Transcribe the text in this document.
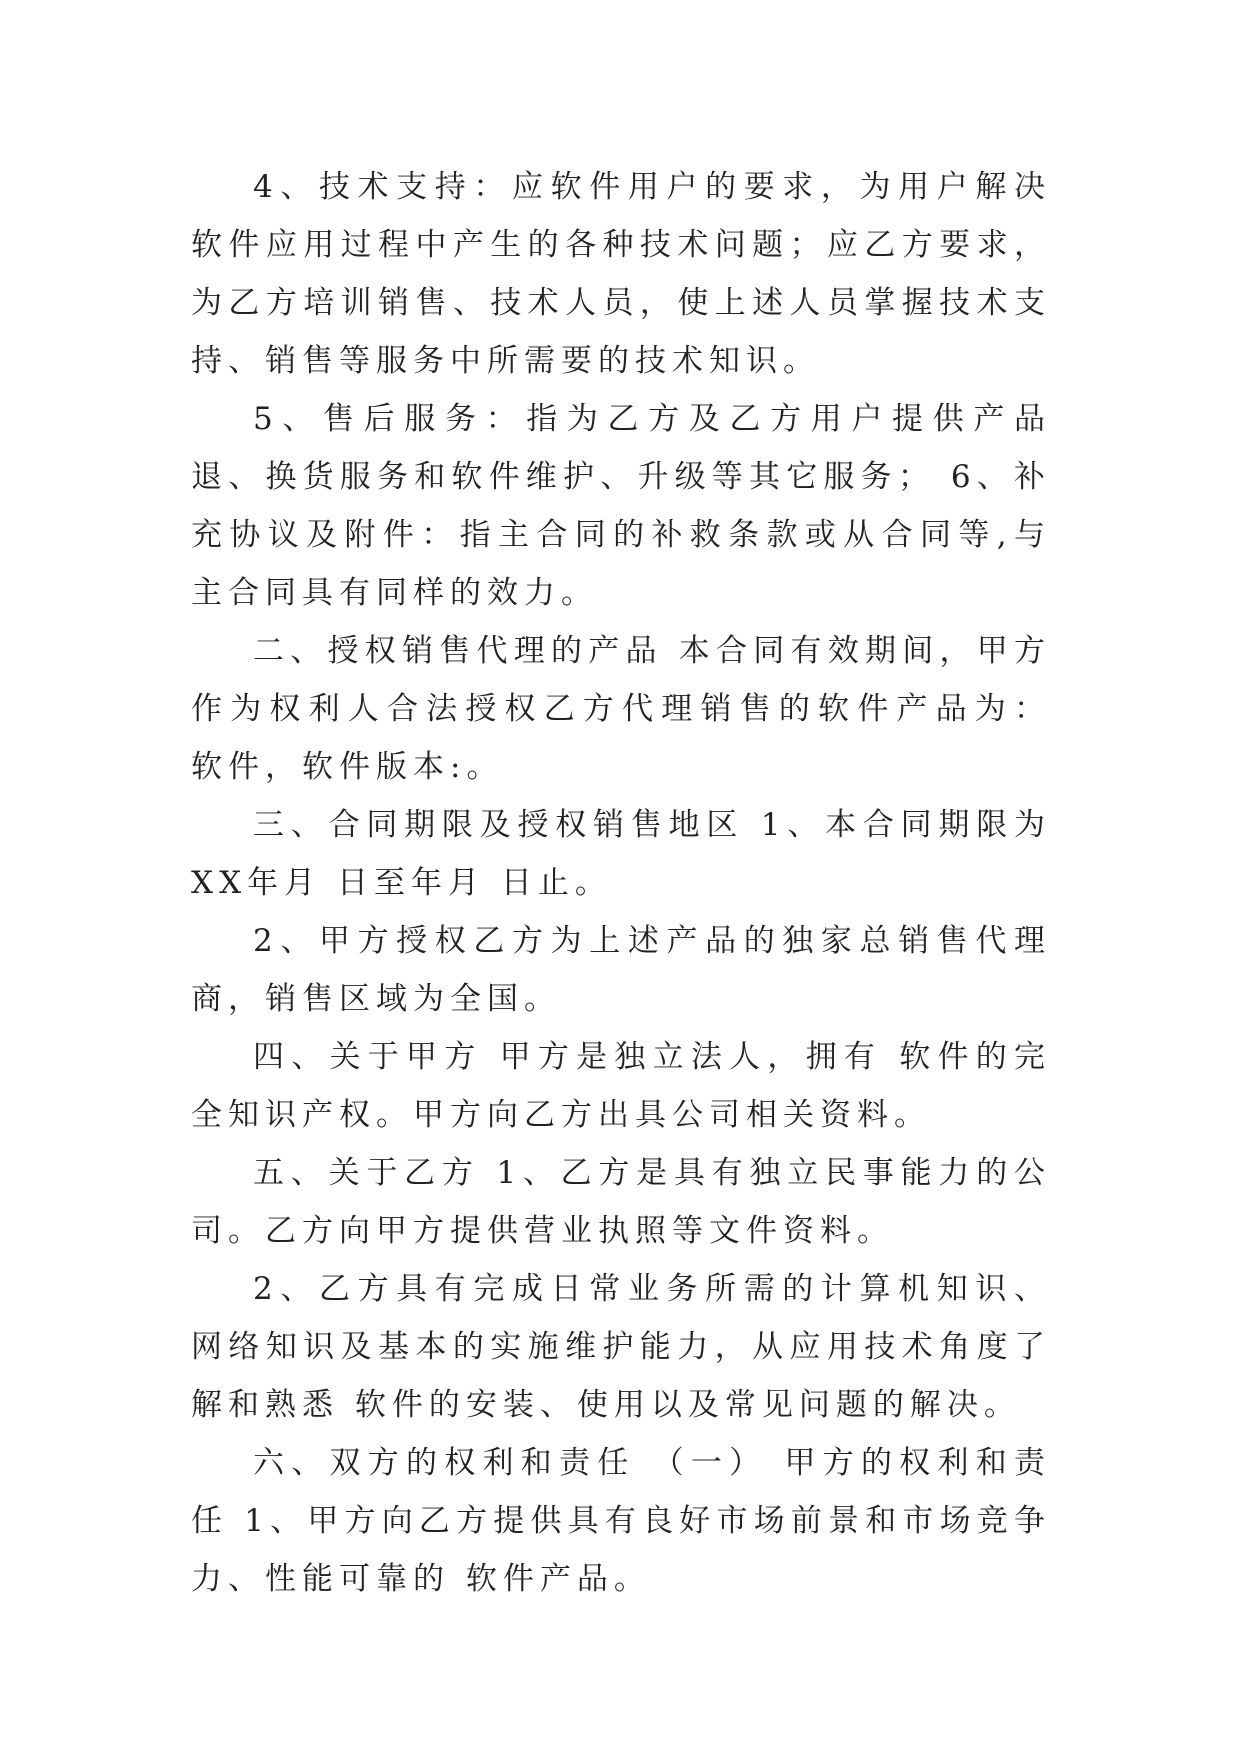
4、技术支持：应软件用户的要求，为用户解决软件应用过程中产生的各种技术问题；应乙方要求，为乙方培训销售、技术人员，使上述人员掌握技术支持、销售等服务中所需要的技术知识。

5、售后服务：指为乙方及乙方用户提供产品退、换货服务和软件维护、升级等其它服务； 6、补充协议及附件：指主合同的补救条款或从合同等,与主合同具有同样的效力。

二、授权销售代理的产品 本合同有效期间，甲方作为权利人合法授权乙方代理销售的软件产品为： 软件，软件版本:。

三、合同期限及授权销售地区 1、本合同期限为XX年月 日至年月 日止。

2、甲方授权乙方为上述产品的独家总销售代理商，销售区域为全国。

四、关于甲方 甲方是独立法人，拥有 软件的完全知识产权。甲方向乙方出具公司相关资料。

五、关于乙方 1、乙方是具有独立民事能力的公司。乙方向甲方提供营业执照等文件资料。

2、乙方具有完成日常业务所需的计算机知识、网络知识及基本的实施维护能力，从应用技术角度了解和熟悉 软件的安装、使用以及常见问题的解决。

六、双方的权利和责任 （一） 甲方的权利和责任 1、甲方向乙方提供具有良好市场前景和市场竞争力、性能可靠的 软件产品。
